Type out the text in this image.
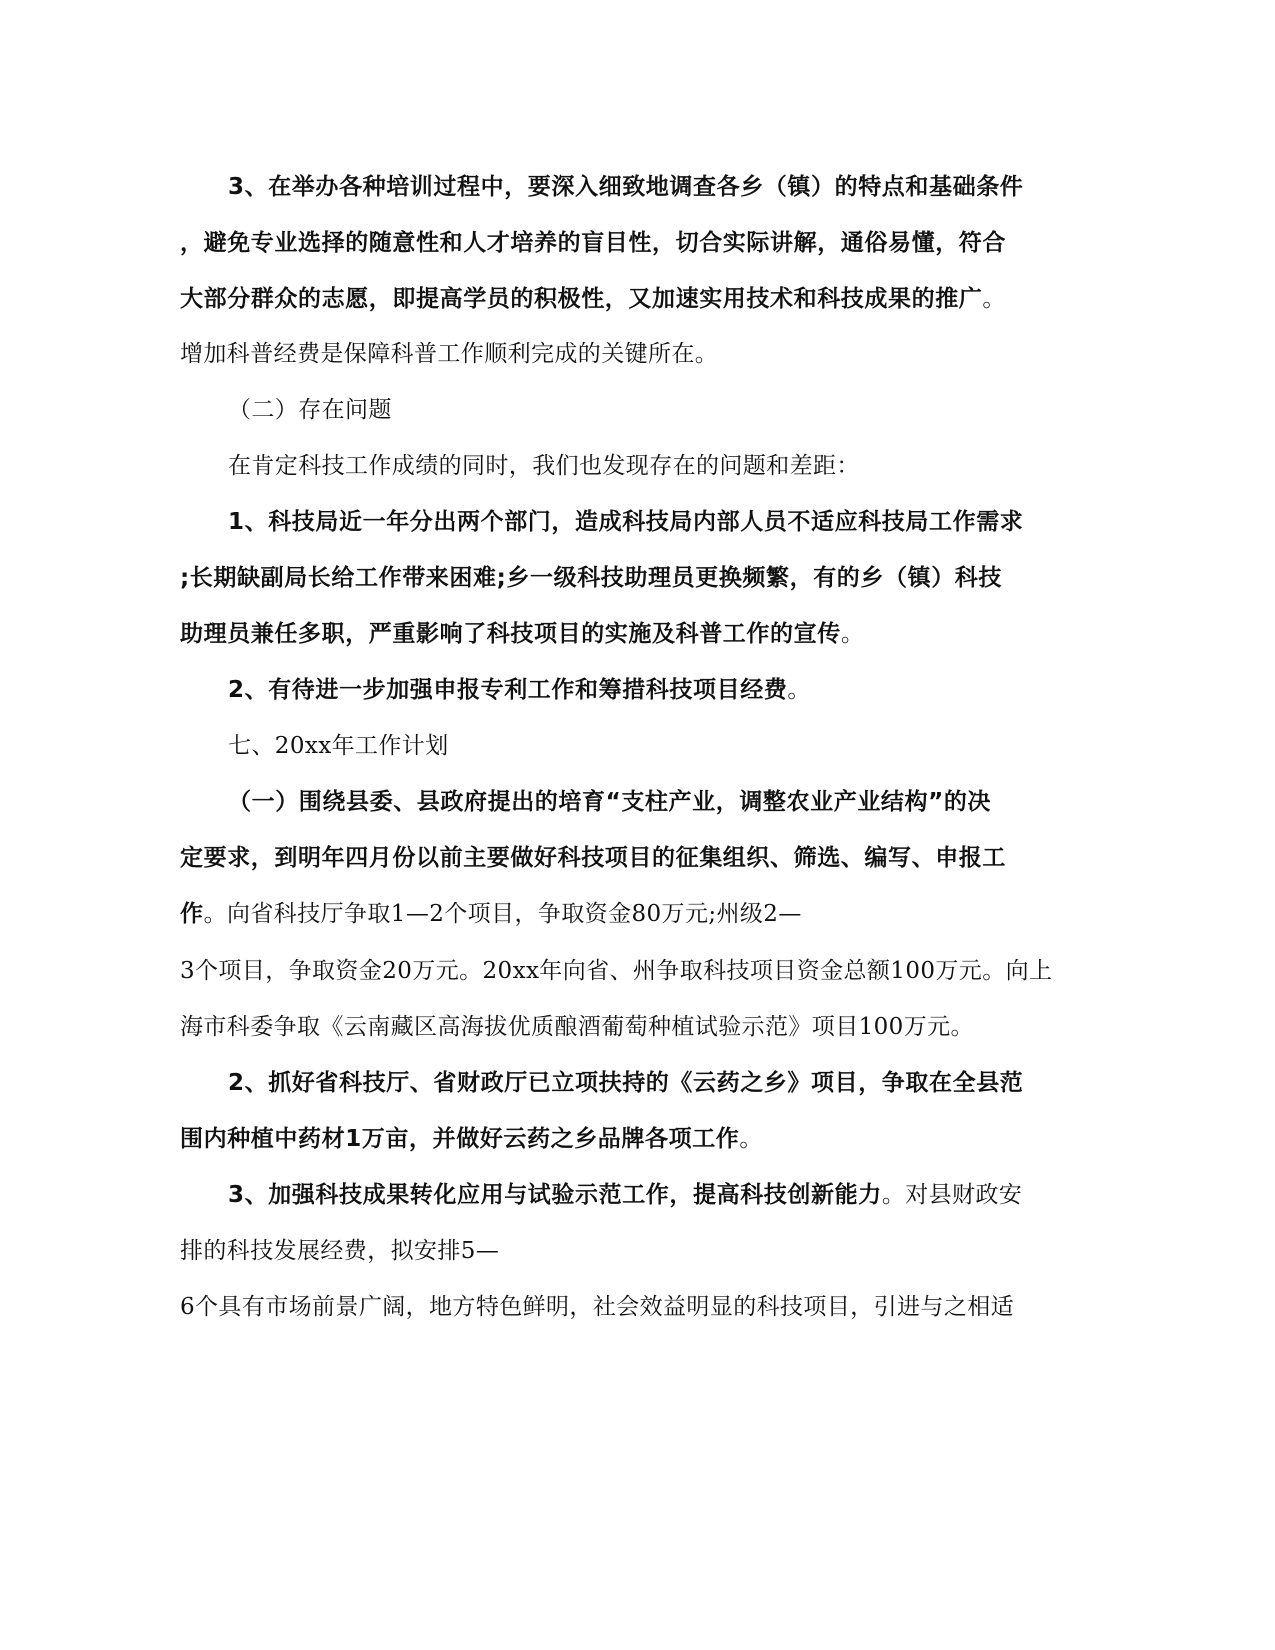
3、在举办各种培训过程中，要深入细致地调查各乡（镇）的特点和基础条件
，避免专业选择的随意性和人才培养的盲目性，切合实际讲解，通俗易懂，符合
大部分群众的志愿，即提高学员的积极性，又加速实用技术和科技成果的推广。
增加科普经费是保障科普工作顺利完成的关键所在。
（二）存在问题
在肯定科技工作成绩的同时，我们也发现存在的问题和差距：
1、科技局近一年分出两个部门，造成科技局内部人员不适应科技局工作需求
;长期缺副局长给工作带来困难;乡一级科技助理员更换频繁，有的乡（镇）科技
助理员兼任多职，严重影响了科技项目的实施及科普工作的宣传。
2、有待进一步加强申报专利工作和筹措科技项目经费。
七、20xx年工作计划
（一）围绕县委、县政府提出的培育“支柱产业，调整农业产业结构”的决
定要求，到明年四月份以前主要做好科技项目的征集组织、筛选、编写、申报工
作。向省科技厅争取1—2个项目，争取资金80万元;州级2—
3个项目，争取资金20万元。20xx年向省、州争取科技项目资金总额100万元。向上
海市科委争取《云南藏区高海拔优质酿酒葡萄种植试验示范》项目100万元。
2、抓好省科技厅、省财政厅已立项扶持的《云药之乡》项目，争取在全县范
围内种植中药材1万亩，并做好云药之乡品牌各项工作。
3、加强科技成果转化应用与试验示范工作，提高科技创新能力。对县财政安
排的科技发展经费，拟安排5—
6个具有市场前景广阔，地方特色鲜明，社会效益明显的科技项目，引进与之相适
